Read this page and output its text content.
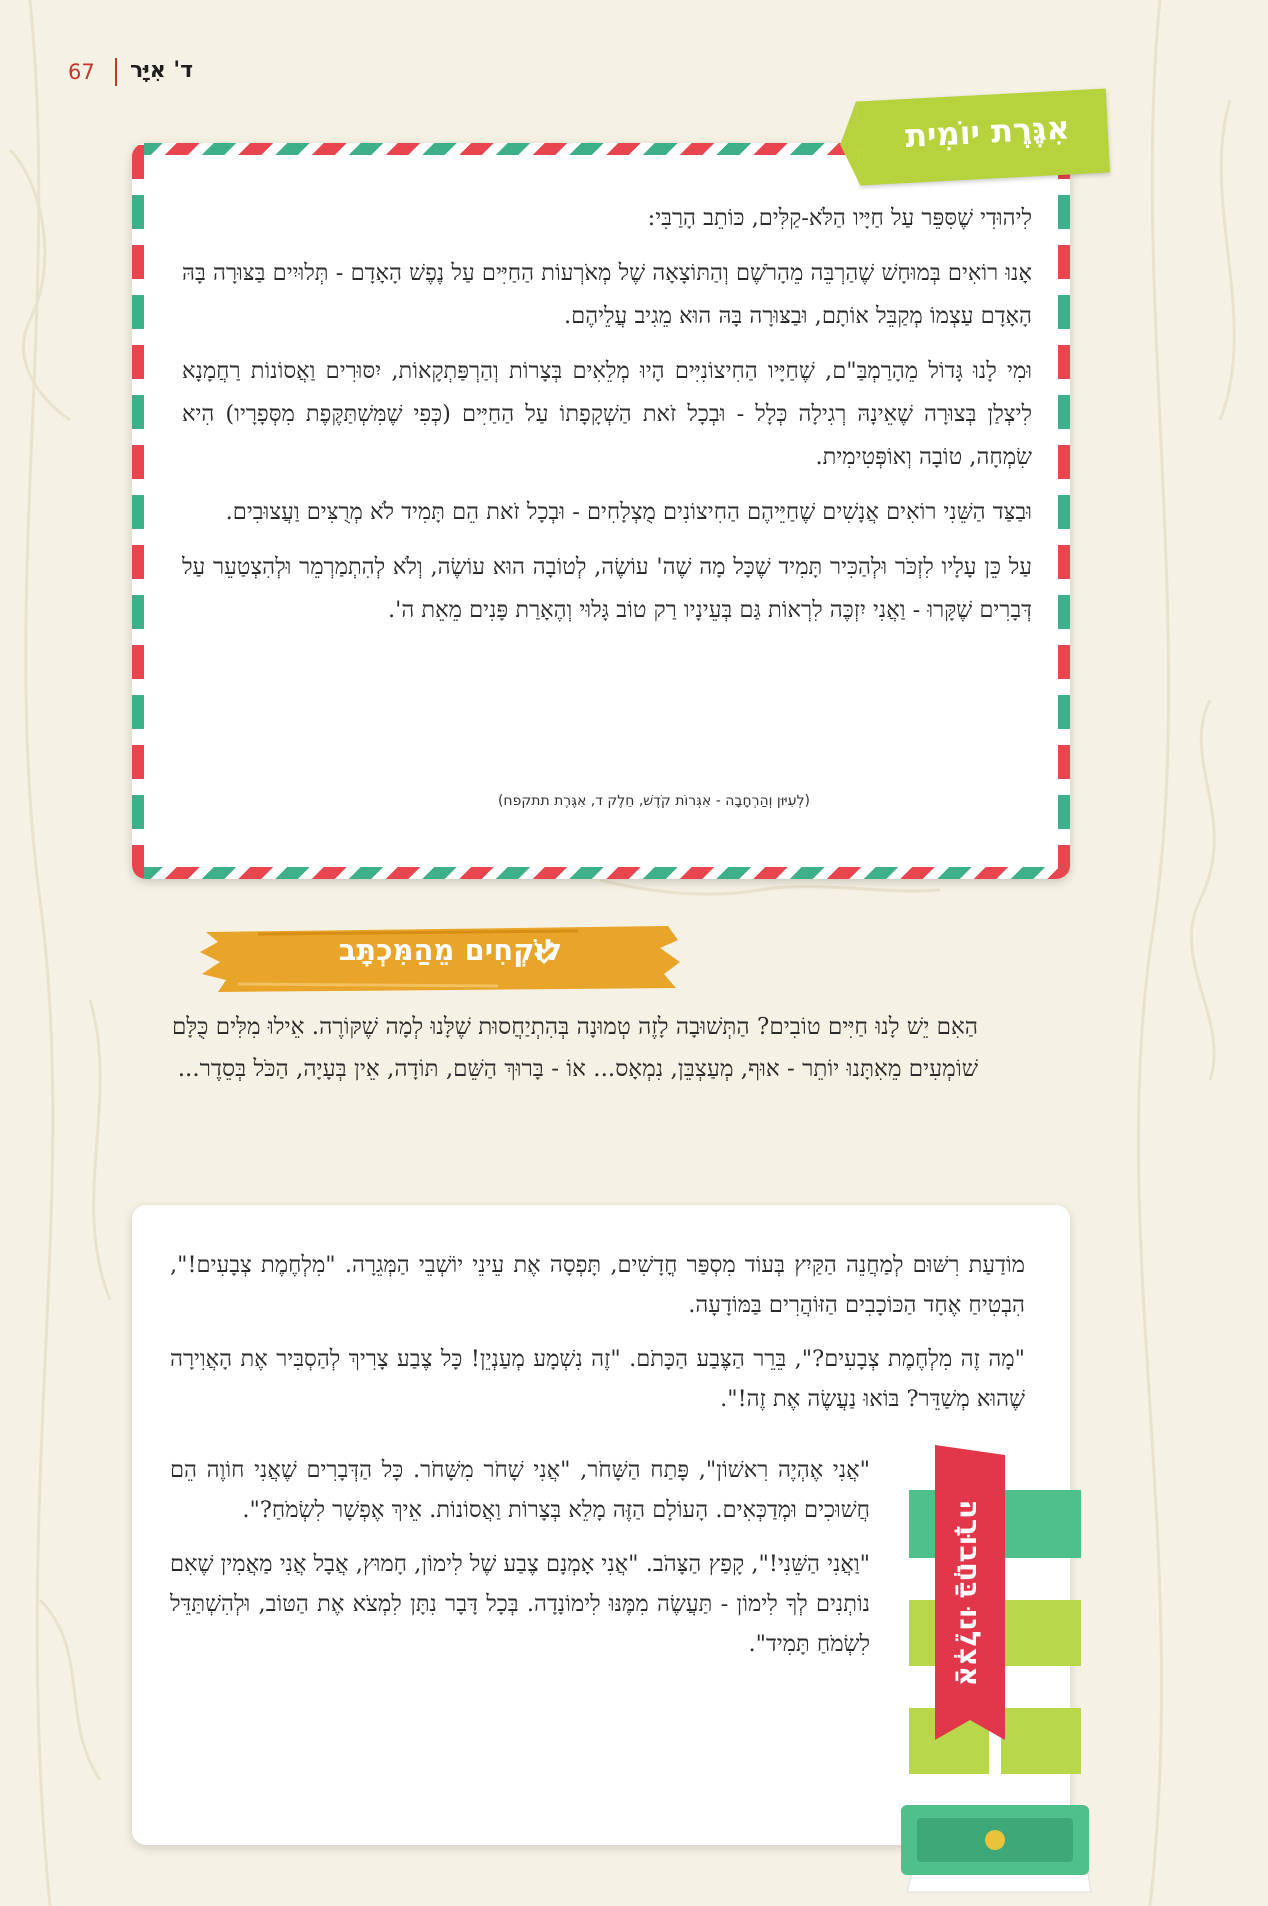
67 ד' אִיָּר

לִיהוּדִי שֶׁסִּפֵּר עַל חַיָּיו הַלֹּא-קַלִּים, כּוֹתֵב הָרַבִּי:

אָנוּ רוֹאִים בְּמוּחָשׁ שֶׁהַרְבֵּה מֵהָרֹשֶׁם וְהַתּוֹצָאָה שֶׁל מְאֹרְעוֹת הַחַיִּים עַל נֶפֶשׁ הָאָדָם - תְּלוּיִים בַּצּוּרָה בָּהּ הָאָדָם עַצְמוֹ מְקַבֵּל אוֹתָם, וּבַצּוּרָה בָּהּ הוּא מֵגִיב עֲלֵיהֶם.

וּמִי לָנוּ גָּדוֹל מֵהָרַמְבַּ"ם, שֶׁחַיָּיו הַחִיצוֹנִיִּים הָיוּ מְלֵאִים בְּצָרוֹת וְהַרְפַּתְקָאוֹת, יִסּוּרִים וַאֲסוֹנוֹת רַחֲמָנָא לִיצְלַן בְּצוּרָה שֶׁאֵינָהּ רְגִילָה כְּלָל - וּבְכָל זֹאת הַשְׁקָפָתוֹ עַל הַחַיִּים (כְּפִי שֶׁמִּשְׁתַּקֶּפֶת מִסְּפָרָיו) הִיא שִׂמְחָה, טוֹבָה וְאוֹפְּטִימִית.

וּבַצַּד הַשֵּׁנִי רוֹאִים אֲנָשִׁים שֶׁחַיֵּיהֶם הַחִיצוֹנִים מֻצְלָחִים - וּבְכָל זֹאת הֵם תָּמִיד לֹא מְרֻצִּים וַעֲצוּבִים.

עַל כֵּן עָלָיו לִזְכֹּר וּלְהַכִּיר תָּמִיד שֶׁכָּל מָה שֶׁה' עוֹשֶׂה, לְטוֹבָה הוּא עוֹשֶׂה, וְלֹא לְהִתְמַרְמֵר וּלְהִצְטַעֵר עַל דְּבָרִים שֶׁקָּרוּ - וַאֲנִי יִזְכֶּה לִרְאוֹת גַּם בְּעֵינָיו רַק טוֹב גָּלוּי וְהֶאָרַת פָּנִים מֵאֵת ה'.

(לְעִיּוּן וְהַרְחָבָה - אִגְּרוֹת קֹדֶשׁ, חֵלֶק ד, אִגֶּרֶת תתקפח)
אִגֶּרֶת יוֹמִית
לוֹקְחִים מֵהַמִּכְתָּב
הַאִם יֵשׁ לָנוּ חַיִּים טוֹבִים? הַתְּשׁוּבָה לָזֶה טְמוּנָה בְּהִתְיַחֲסוּת שֶׁלָּנוּ לְמָה שֶׁקּוֹרֶה. אֵילוּ מִלִּים כֻּלָּם שׁוֹמְעִים מֵאִתָּנוּ יוֹתֵר - אוּף, מְעַצְבֵּן, נִמְאָס... אוֹ - בָּרוּךְ הַשֵּׁם, תּוֹדָה, אֵין בְּעָיָה, הַכֹּל בְּסֵדֶר...

מוֹדַעַת רִשּׁוּם לְמַחֲנֵה הַקַּיִץ בְּעוֹד מִסְפַּר חֳדָשִׁים, תָּפְסָה אֶת עֵינֵי יוֹשְׁבֵי הַמְּגֵרָה. "מִלְחֶמֶת צְבָעִים!", הִבְטִיחַ אֶחָד הַכּוֹכָבִים הַזּוֹהֲרִים בַּמּוֹדָעָה.

"מָה זֶה מִלְחֶמֶת צְבָעִים?", בֵּרֵר הַצֶּבַע הַכָּתֹם. "זֶה נִשְׁמָע מְעַנְיֵן! כָּל צֶבַע צָרִיךְ לְהַסְבִּיר אֶת הָאֲוִירָה שֶׁהוּא מְשַׁדֵּר? בּוֹאוּ נַעֲשֶׂה אֶת זֶה!".

"אֲנִי אֶהְיֶה רִאשׁוֹן", פָּתַח הַשָּׁחֹר, "אֲנִי שָׁחֹר מִשָּׁחֹר. כָּל הַדְּבָרִים שֶׁאֲנִי חוֹוֶה הֵם חֲשׁוּכִים וּמְדַכְּאִים. הָעוֹלָם הַזֶּה מָלֵא בְּצָרוֹת וַאֲסוֹנוֹת. אֵיךְ אֶפְשָׁר לִשְׂמֹחַ?".

"וַאֲנִי הַשֵּׁנִי!", קָפַץ הַצָּהֹב. "אֲנִי אָמְנָם צֶבַע שֶׁל לִימוֹן, חָמוּץ, אֲבָל אֲנִי מַאֲמִין שֶׁאִם נוֹתְנִים לְךָ לִימוֹן - תַּעֲשֶׂה מִמֶּנּוּ לִימוֹנָדָה. בְּכָל דָּבָר נִתָּן לִמְצֹא אֶת הַטּוֹב, וּלְהִשְׁתַּדֵּל לִשְׂמֹחַ תָּמִיד".	אַצְלֵנוּ בַּחֲבוּרָה
